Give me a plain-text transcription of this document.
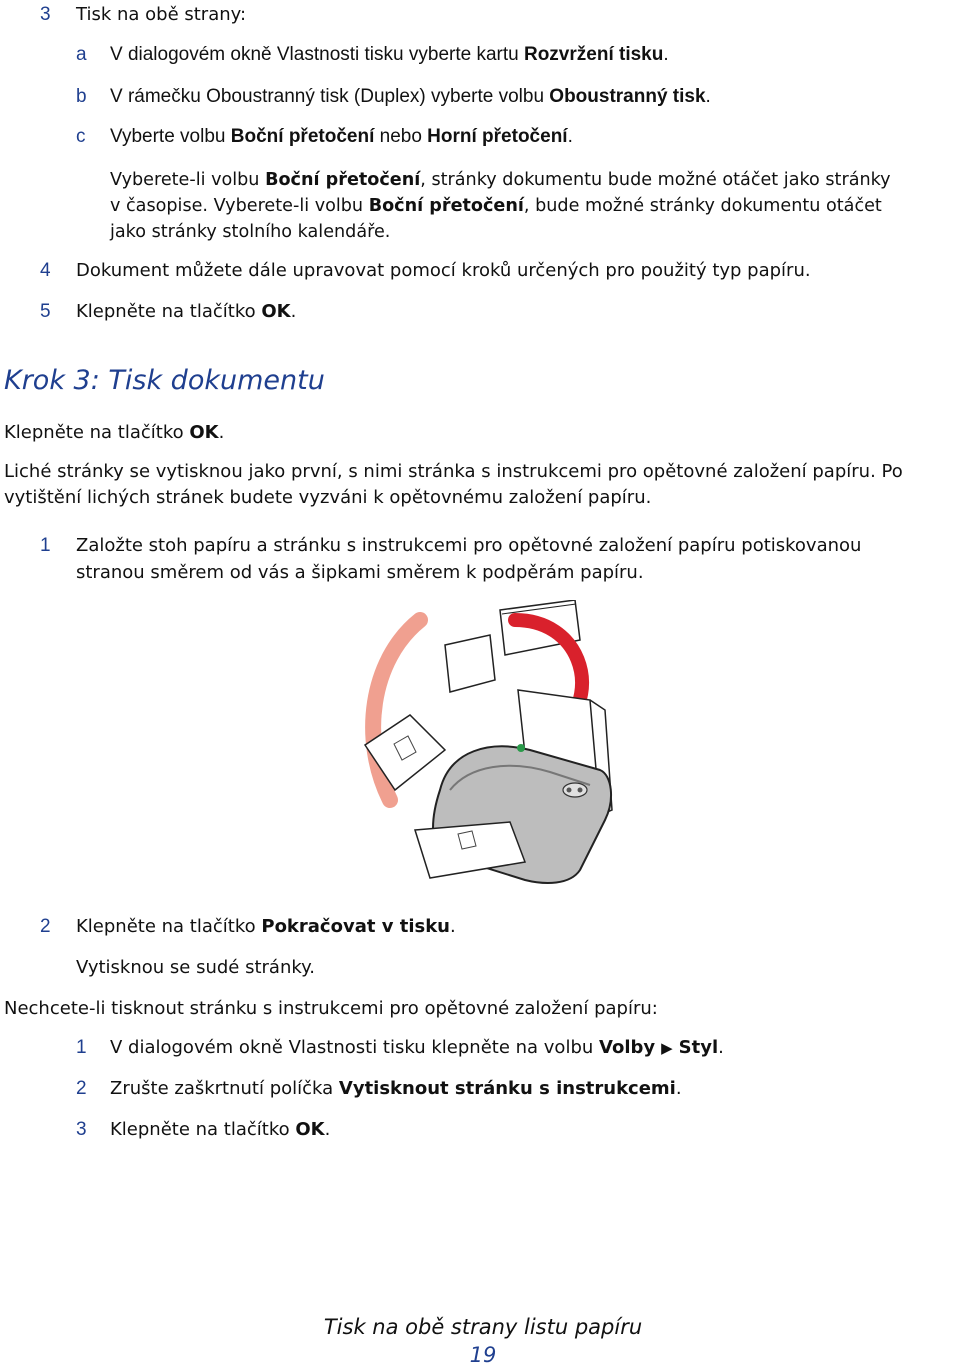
3 Tisk na obě strany:
a V dialogovém okně Vlastnosti tisku vyberte kartu Rozvržení tisku.
b V rámečku Oboustranný tisk (Duplex) vyberte volbu Oboustranný tisk.
c Vyberte volbu Boční přetočení nebo Horní přetočení.
Vyberete-li volbu Boční přetočení, stránky dokumentu bude možné otáčet jako stránky
v časopise. Vyberete-li volbu Boční přetočení, bude možné stránky dokumentu otáčet
jako stránky stolního kalendáře.
4 Dokument můžete dále upravovat pomocí kroků určených pro použitý typ papíru.
5 Klepněte na tlačítko OK.
Krok 3: Tisk dokumentu
Klepněte na tlačítko OK.
Liché stránky se vytisknou jako první, s nimi stránka s instrukcemi pro opětovné založení papíru. Po
vytištění lichých stránek budete vyzváni k opětovnému založení papíru.
1 Založte stoh papíru a stránku s instrukcemi pro opětovné založení papíru potiskovanou
stranou směrem od vás a šipkami směrem k podpěrám papíru.
2 Klepněte na tlačítko Pokračovat v tisku.
Vytisknou se sudé stránky.
Nechcete-li tisknout stránku s instrukcemi pro opětovné založení papíru:
1 V dialogovém okně Vlastnosti tisku klepněte na volbu Volby ▶ Styl.
2 Zrušte zaškrtnutí políčka Vytisknout stránku s instrukcemi.
3 Klepněte na tlačítko OK.
Tisk na obě strany listu papíru
19
